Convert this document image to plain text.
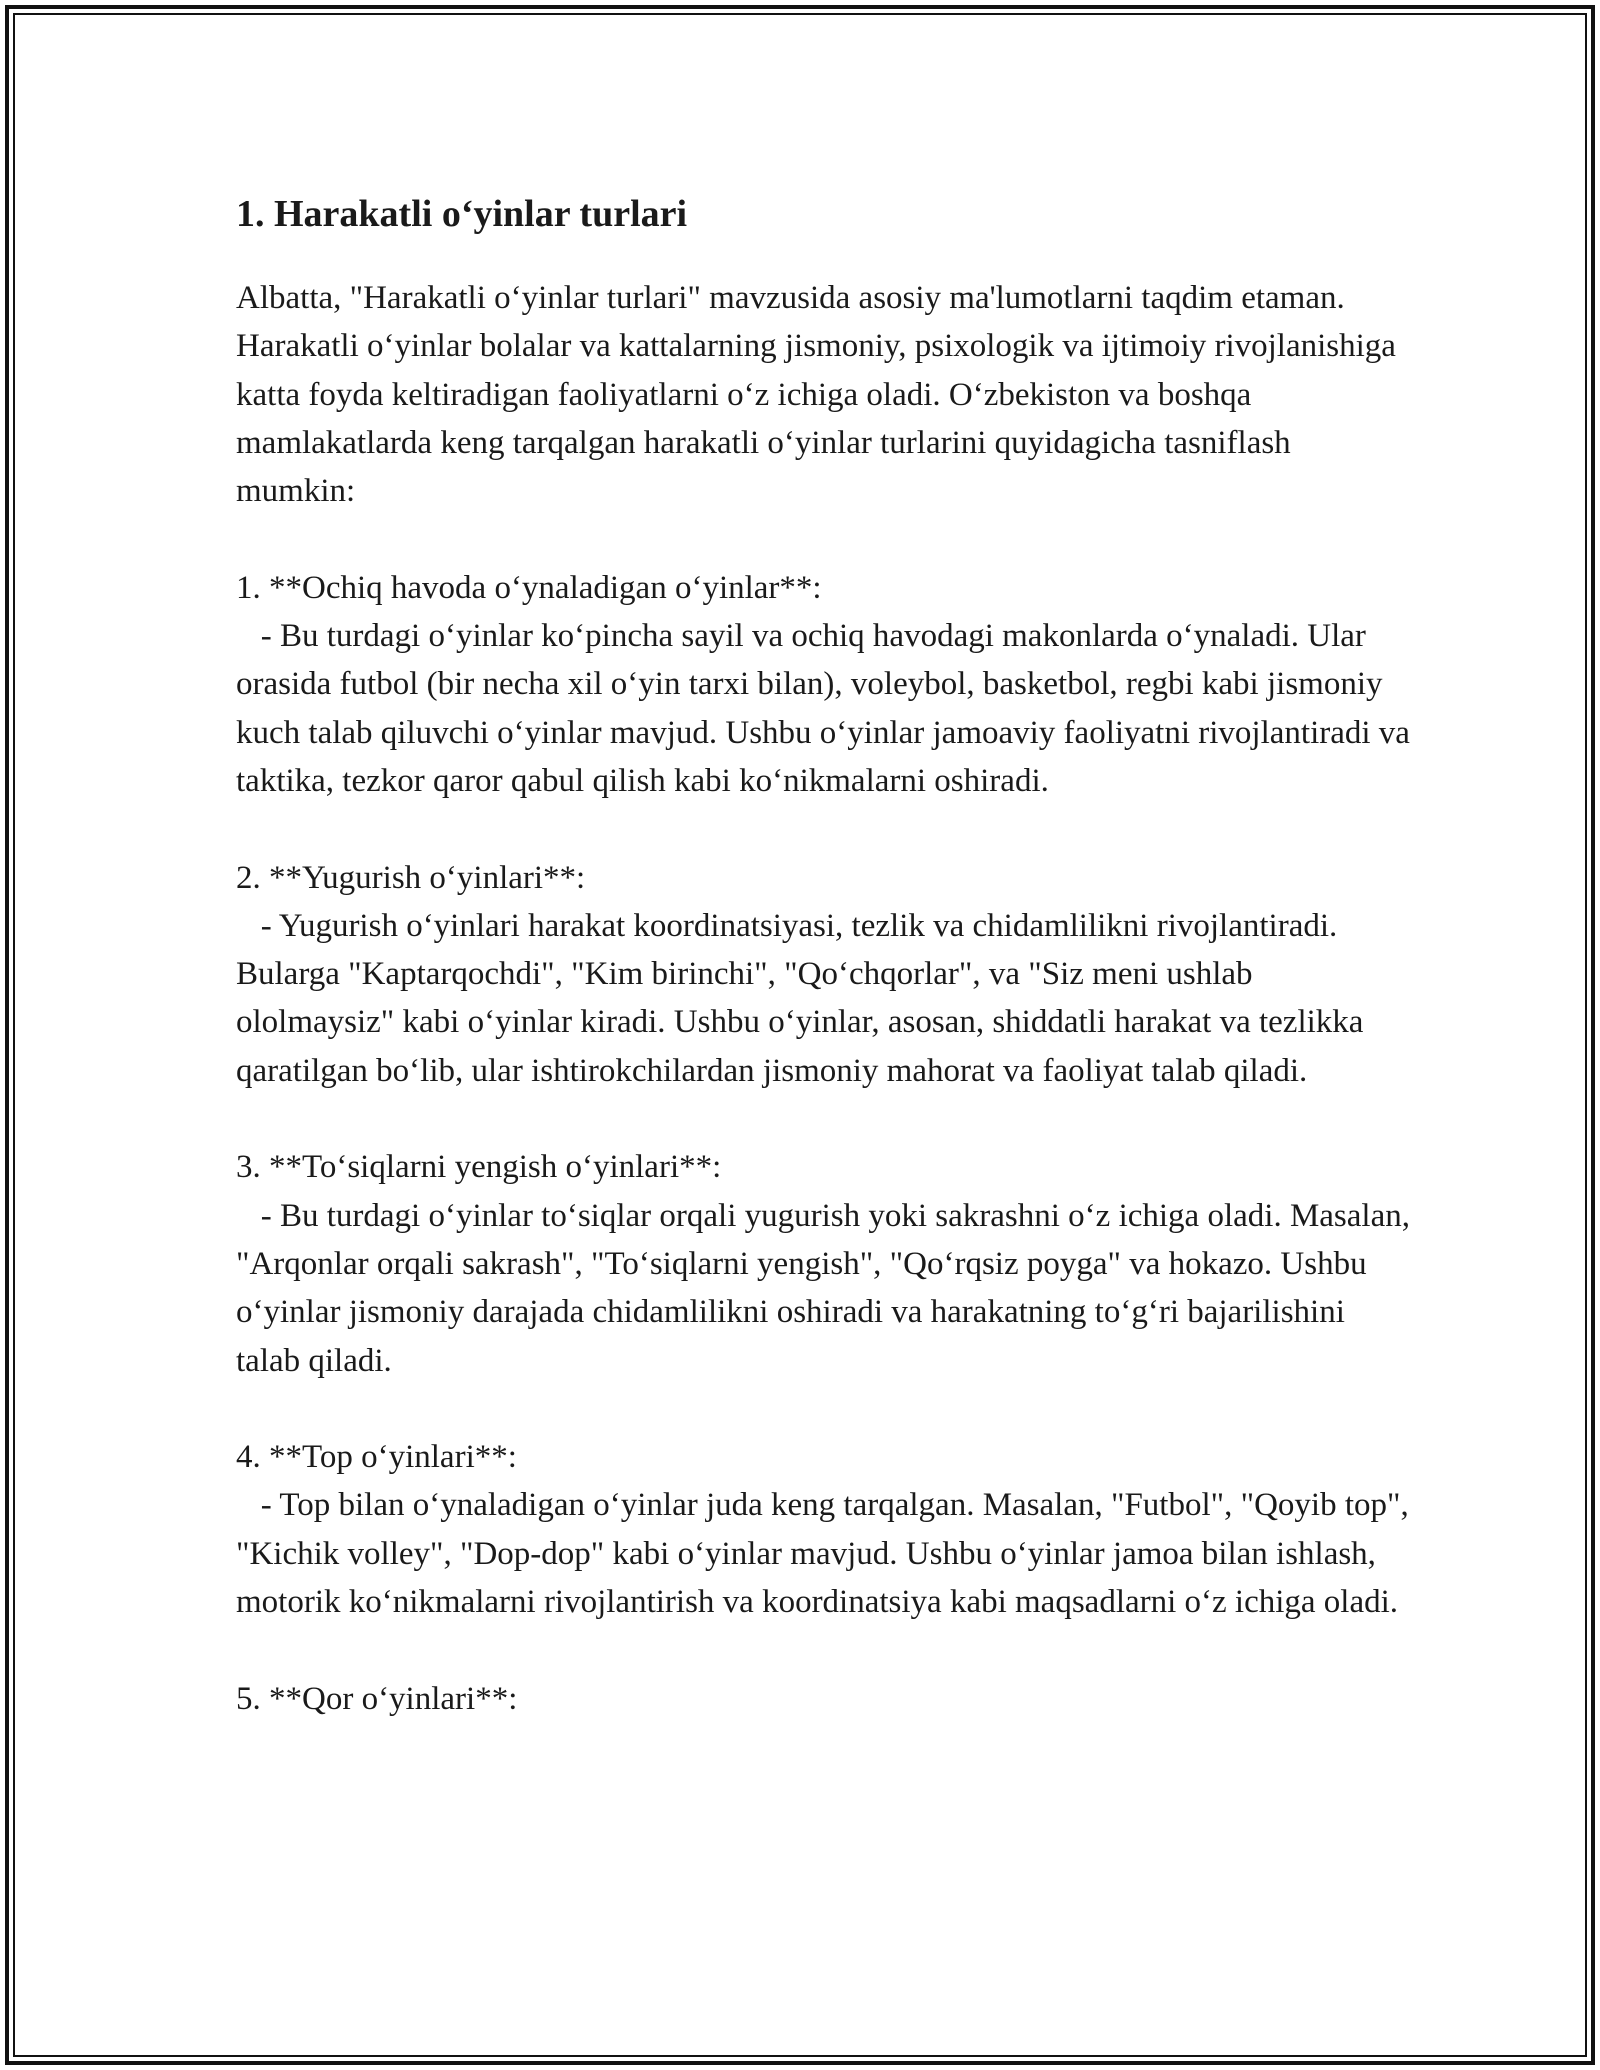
1. Harakatli o‘yinlar turlari

Albatta, "Harakatli o‘yinlar turlari" mavzusida asosiy ma'lumotlarni taqdim etaman. Harakatli o‘yinlar bolalar va kattalarning jismoniy, psixologik va ijtimoiy rivojlanishiga katta foyda keltiradigan faoliyatlarni o‘z ichiga oladi. O‘zbekiston va boshqa mamlakatlarda keng tarqalgan harakatli o‘yinlar turlarini quyidagicha tasniflash mumkin:

1. **Ochiq havoda o‘ynaladigan o‘yinlar**:

- Bu turdagi o‘yinlar ko‘pincha sayil va ochiq havodagi makonlarda o‘ynaladi. Ular orasida futbol (bir necha xil o‘yin tarxi bilan), voleybol, basketbol, regbi kabi jismoniy kuch talab qiluvchi o‘yinlar mavjud. Ushbu o‘yinlar jamoaviy faoliyatni rivojlantiradi va taktika, tezkor qaror qabul qilish kabi ko‘nikmalarni oshiradi.

2. **Yugurish o‘yinlari**:

- Yugurish o‘yinlari harakat koordinatsiyasi, tezlik va chidamlilikni rivojlantiradi. Bularga "Kaptarqochdi", "Kim birinchi", "Qo‘chqorlar", va "Siz meni ushlab ololmaysiz" kabi o‘yinlar kiradi. Ushbu o‘yinlar, asosan, shiddatli harakat va tezlikka qaratilgan bo‘lib, ular ishtirokchilardan jismoniy mahorat va faoliyat talab qiladi.

3. **To‘siqlarni yengish o‘yinlari**:

- Bu turdagi o‘yinlar to‘siqlar orqali yugurish yoki sakrashni o‘z ichiga oladi. Masalan, "Arqonlar orqali sakrash", "To‘siqlarni yengish", "Qo‘rqsiz poyga" va hokazo. Ushbu o‘yinlar jismoniy darajada chidamlilikni oshiradi va harakatning to‘g‘ri bajarilishini talab qiladi.

4. **Top o‘yinlari**:

- Top bilan o‘ynaladigan o‘yinlar juda keng tarqalgan. Masalan, "Futbol", "Qoyib top", "Kichik volley", "Dop-dop" kabi o‘yinlar mavjud. Ushbu o‘yinlar jamoa bilan ishlash, motorik ko‘nikmalarni rivojlantirish va koordinatsiya kabi maqsadlarni o‘z ichiga oladi.

5. **Qor o‘yinlari**:
